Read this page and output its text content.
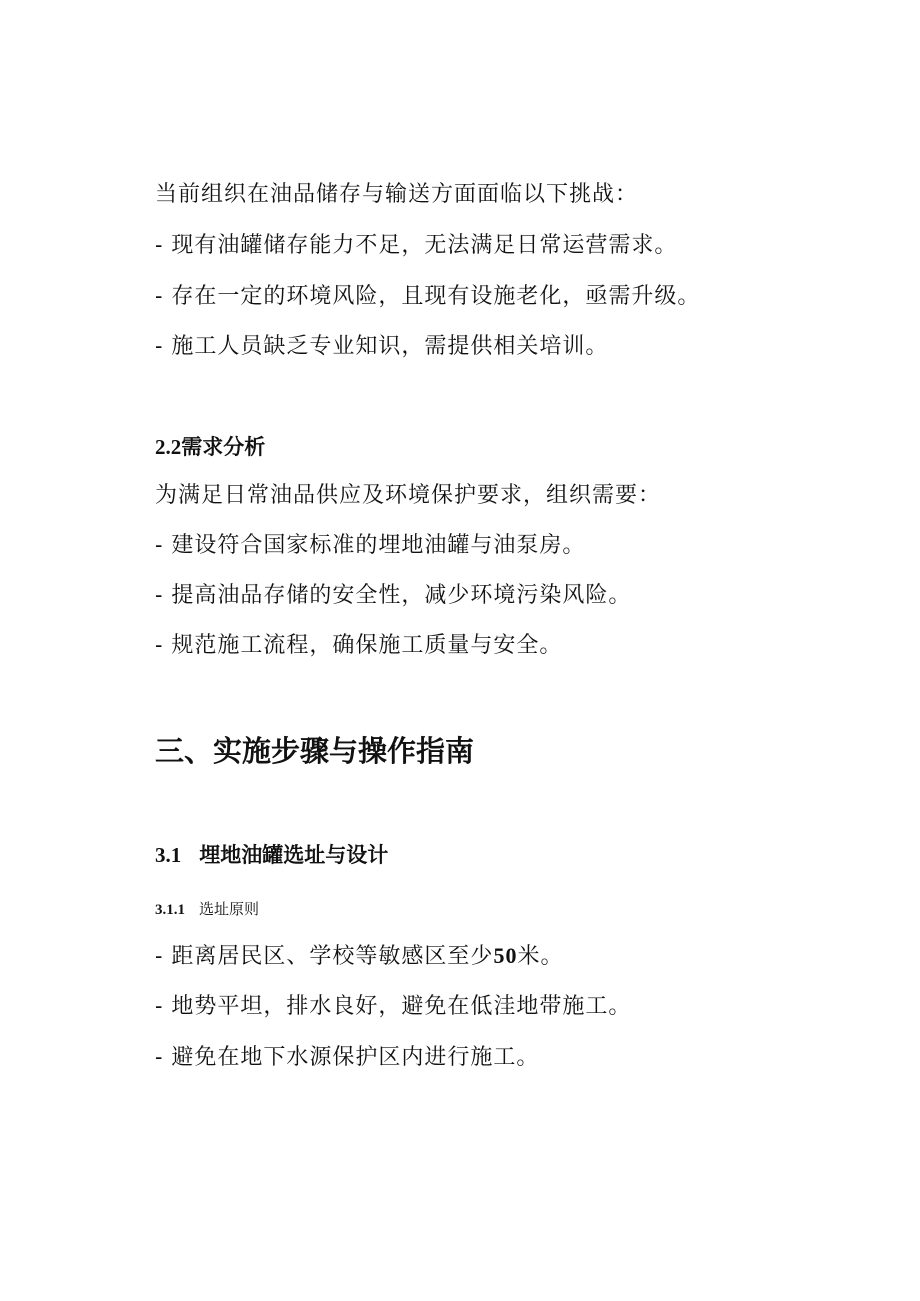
当前组织在油品储存与输送方面面临以下挑战：

- 现有油罐储存能力不足，无法满足日常运营需求。

- 存在一定的环境风险，且现有设施老化，亟需升级。

- 施工人员缺乏专业知识，需提供相关培训。

2.2需求分析

为满足日常油品供应及环境保护要求，组织需要：

- 建设符合国家标准的埋地油罐与油泵房。

- 提高油品存储的安全性，减少环境污染风险。

- 规范施工流程，确保施工质量与安全。

三、实施步骤与操作指南

3.1 埋地油罐选址与设计

3.1.1 选址原则

- 距离居民区、学校等敏感区至少50米。

- 地势平坦，排水良好，避免在低洼地带施工。

- 避免在地下水源保护区内进行施工。
